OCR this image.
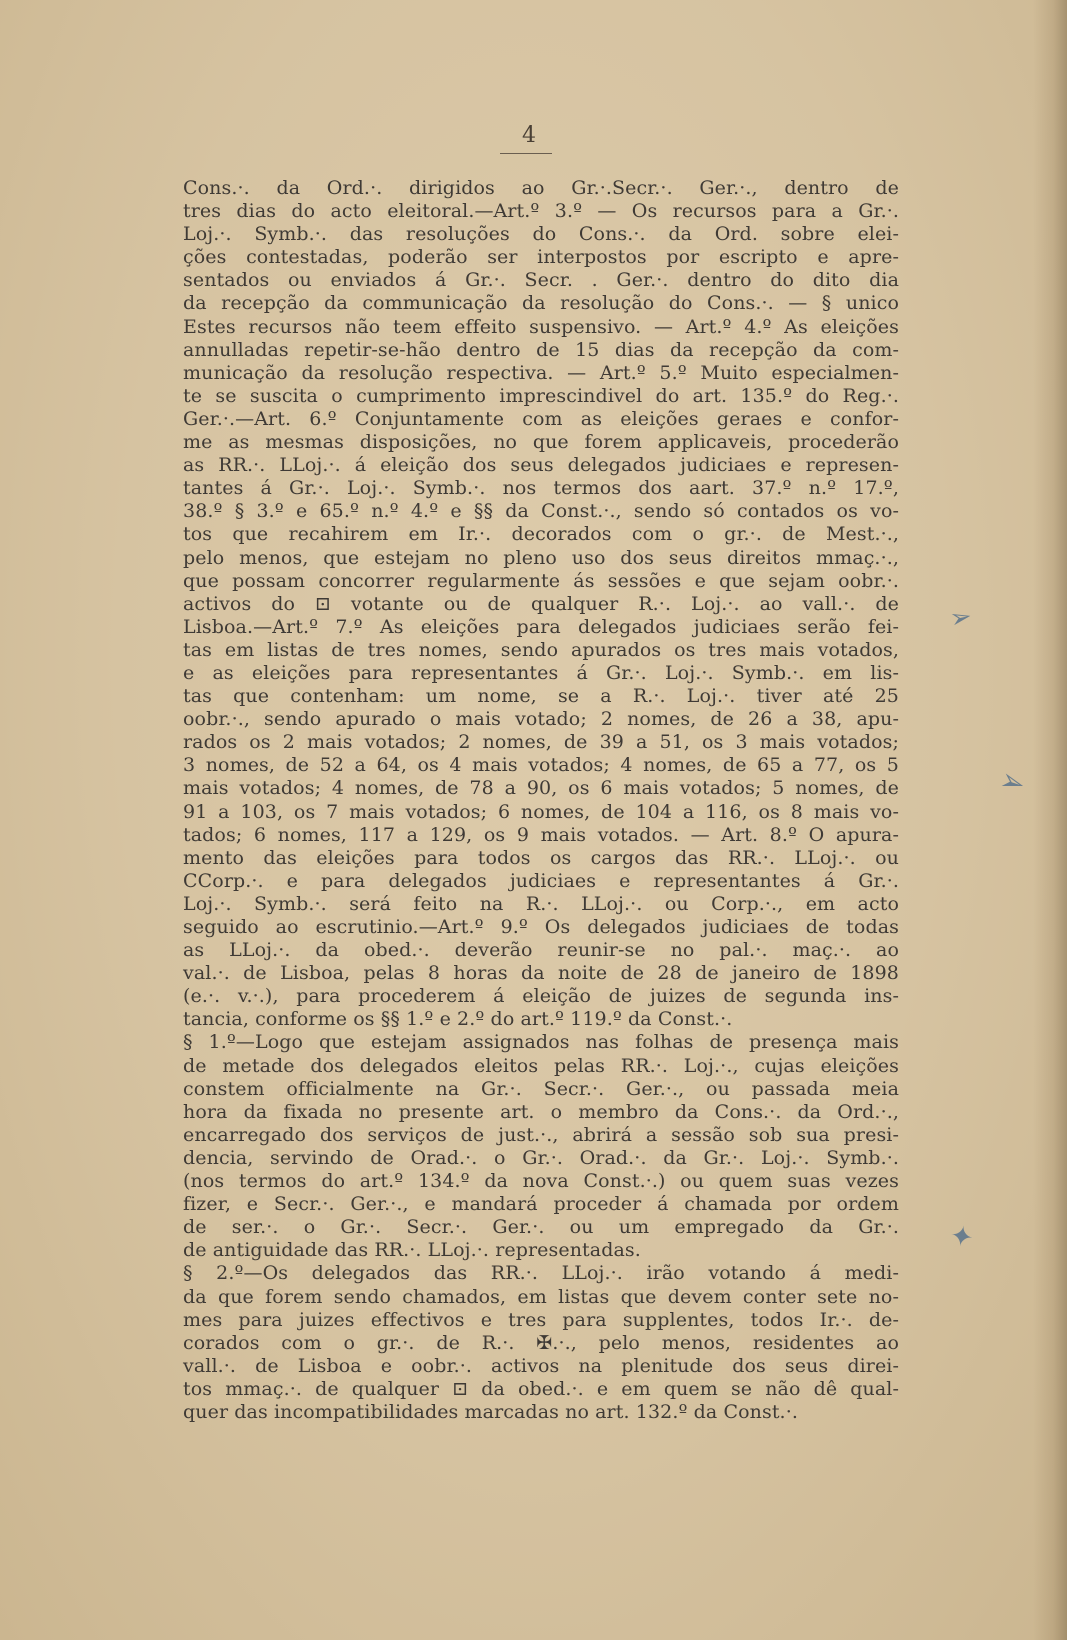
4
Cons.·. da Ord.·. dirigidos ao Gr.·.Secr.·. Ger.·., dentro de
tres dias do acto eleitoral.—Art.º 3.º — Os recursos para a Gr.·.
Loj.·. Symb.·. das resoluções do Cons.·. da Ord. sobre elei-
ções contestadas, poderão ser interpostos por escripto e apre-
sentados ou enviados á Gr.·. Secr. . Ger.·. dentro do dito dia
da recepção da communicação da resolução do Cons.·. — § unico
Estes recursos não teem effeito suspensivo. — Art.º 4.º As eleições
annulladas repetir-se-hão dentro de 15 dias da recepção da com-
municação da resolução respectiva. — Art.º 5.º Muito especialmen-
te se suscita o cumprimento imprescindivel do art. 135.º do Reg.·.
Ger.·.—Art. 6.º Conjuntamente com as eleições geraes e confor-
me as mesmas disposições, no que forem applicaveis, procederão
as RR.·. LLoj.·. á eleição dos seus delegados judiciaes e represen-
tantes á Gr.·. Loj.·. Symb.·. nos termos dos aart. 37.º n.º 17.º,
38.º § 3.º e 65.º n.º 4.º e §§ da Const.·., sendo só contados os vo-
tos que recahirem em Ir.·. decorados com o gr.·. de Mest.·.,
pelo menos, que estejam no pleno uso dos seus direitos mmaç.·.,
que possam concorrer regularmente ás sessões e que sejam oobr.·.
activos do ⊡ votante ou de qualquer R.·. Loj.·. ao vall.·. de
Lisboa.—Art.º 7.º As eleições para delegados judiciaes serão fei-
tas em listas de tres nomes, sendo apurados os tres mais votados,
e as eleições para representantes á Gr.·. Loj.·. Symb.·. em lis-
tas que contenham: um nome, se a R.·. Loj.·. tiver até 25
oobr.·., sendo apurado o mais votado; 2 nomes, de 26 a 38, apu-
rados os 2 mais votados; 2 nomes, de 39 a 51, os 3 mais votados;
3 nomes, de 52 a 64, os 4 mais votados; 4 nomes, de 65 a 77, os 5
mais votados; 4 nomes, de 78 a 90, os 6 mais votados; 5 nomes, de
91 a 103, os 7 mais votados; 6 nomes, de 104 a 116, os 8 mais vo-
tados; 6 nomes, 117 a 129, os 9 mais votados. — Art. 8.º O apura-
mento das eleições para todos os cargos das RR.·. LLoj.·. ou
CCorp.·. e para delegados judiciaes e representantes á Gr.·.
Loj.·. Symb.·. será feito na R.·. LLoj.·. ou Corp.·., em acto
seguido ao escrutinio.—Art.º 9.º Os delegados judiciaes de todas
as LLoj.·. da obed.·. deverão reunir-se no pal.·. maç.·. ao
val.·. de Lisboa, pelas 8 horas da noite de 28 de janeiro de 1898
(e.·. v.·.), para procederem á eleição de juizes de segunda ins-
tancia, conforme os §§ 1.º e 2.º do art.º 119.º da Const.·.
§ 1.º—Logo que estejam assignados nas folhas de presença mais
de metade dos delegados eleitos pelas RR.·. Loj.·., cujas eleições
constem officialmente na Gr.·. Secr.·. Ger.·., ou passada meia
hora da fixada no presente art. o membro da Cons.·. da Ord.·.,
encarregado dos serviços de just.·., abrirá a sessão sob sua presi-
dencia, servindo de Orad.·. o Gr.·. Orad.·. da Gr.·. Loj.·. Symb.·.
(nos termos do art.º 134.º da nova Const.·.) ou quem suas vezes
fizer, e Secr.·. Ger.·., e mandará proceder á chamada por ordem
de ser.·. o Gr.·. Secr.·. Ger.·. ou um empregado da Gr.·.
de antiguidade das RR.·. LLoj.·. representadas.
§ 2.º—Os delegados das RR.·. LLoj.·. irão votando á medi-
da que forem sendo chamados, em listas que devem conter sete no-
mes para juizes effectivos e tres para supplentes, todos Ir.·. de-
corados com o gr.·. de R.·. ✠.·., pelo menos, residentes ao
vall.·. de Lisboa e oobr.·. activos na plenitude dos seus direi-
tos mmaç.·. de qualquer ⊡ da obed.·. e em quem se não dê qual-
quer das incompatibilidades marcadas no art. 132.º da Const.·.
➢
➢
✦
